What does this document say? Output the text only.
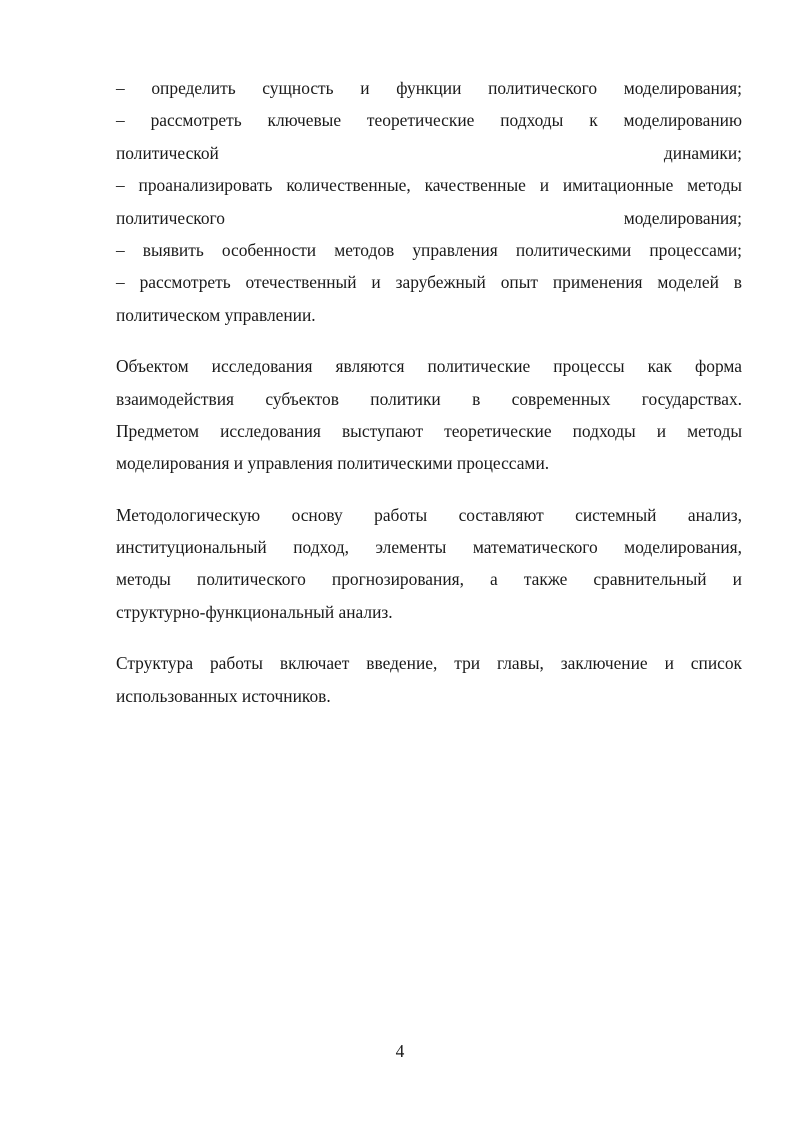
– определить сущность и функции политического моделирования;
– рассмотреть ключевые теоретические подходы к моделированию
политической динамики;
– проанализировать количественные, качественные и имитационные методы
политического моделирования;
– выявить особенности методов управления политическими процессами;
– рассмотреть отечественный и зарубежный опыт применения моделей в
политическом управлении.
Объектом исследования являются политические процессы как форма
взаимодействия субъектов политики в современных государствах.
Предметом исследования выступают теоретические подходы и методы
моделирования и управления политическими процессами.
Методологическую основу работы составляют системный анализ,
институциональный подход, элементы математического моделирования,
методы политического прогнозирования, а также сравнительный и
структурно-функциональный анализ.
Структура работы включает введение, три главы, заключение и список
использованных источников.
4
